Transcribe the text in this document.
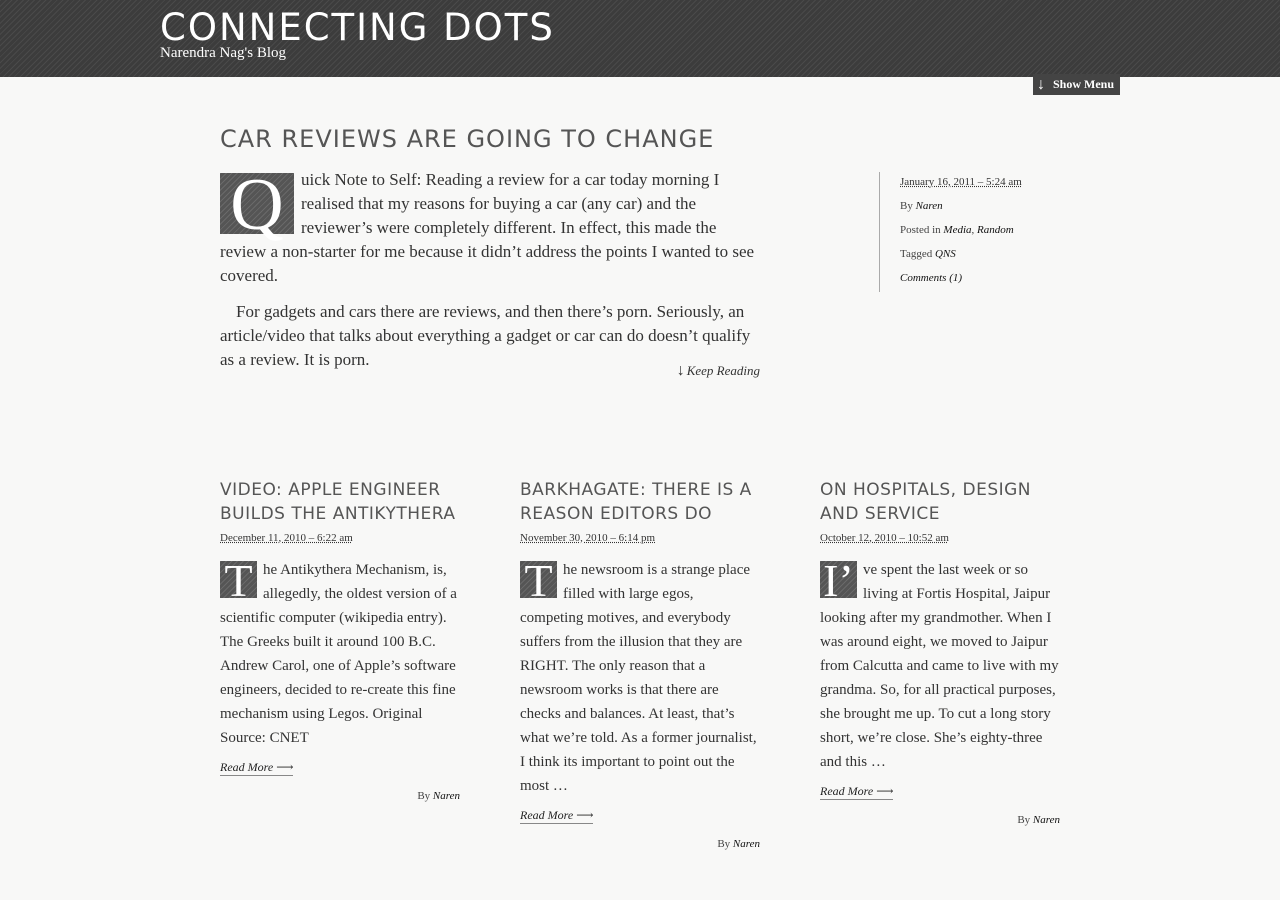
CONNECTING DOTS
Narendra Nag's Blog
↓ Show Menu
CAR REVIEWS ARE GOING TO CHANGE

Q	uick Note to Self: Reading a review for a car today morning I realised that my reasons for buying a car (any car) and the reviewer’s were completely different. In effect, this made the review a non-starter for me because it didn’t address the points I wanted to see covered.

For gadgets and cars there are reviews, and then there’s porn. Seriously, an article/video that talks about everything a gadget or car can do doesn’t qualify as a review. It is porn.

↓ Keep Reading
January 16, 2011 – 5:24 am
By Naren
Posted in Media, Random
Tagged QNS
Comments (1)
VIDEO: APPLE ENGINEER BUILDS THE ANTIKYTHERA
December 11, 2010 – 6:22 am
T he Antikythera Mechanism, is, allegedly, the oldest version of a scientific computer (wikipedia entry). The Greeks built it around 100 B.C. Andrew Carol, one of Apple’s software engineers, decided to re-create this fine mechanism using Legos. Original Source: CNET
Read More ⟶
By Naren
BARKHAGATE: THERE IS A REASON EDITORS DO
November 30, 2010 – 6:14 pm
T he newsroom is a strange place filled with large egos, competing motives, and everybody suffers from the illusion that they are RIGHT. The only reason that a newsroom works is that there are checks and balances. At least, that’s what we’re told. As a former journalist, I think its important to point out the most …
Read More ⟶
By Naren
ON HOSPITALS, DESIGN AND SERVICE
October 12, 2010 – 10:52 am
I’ ve spent the last week or so living at Fortis Hospital, Jaipur looking after my grandmother. When I was around eight, we moved to Jaipur from Calcutta and came to live with my grandma. So, for all practical purposes, she brought me up. To cut a long story short, we’re close. She’s eighty-three and this …
Read More ⟶
By Naren
